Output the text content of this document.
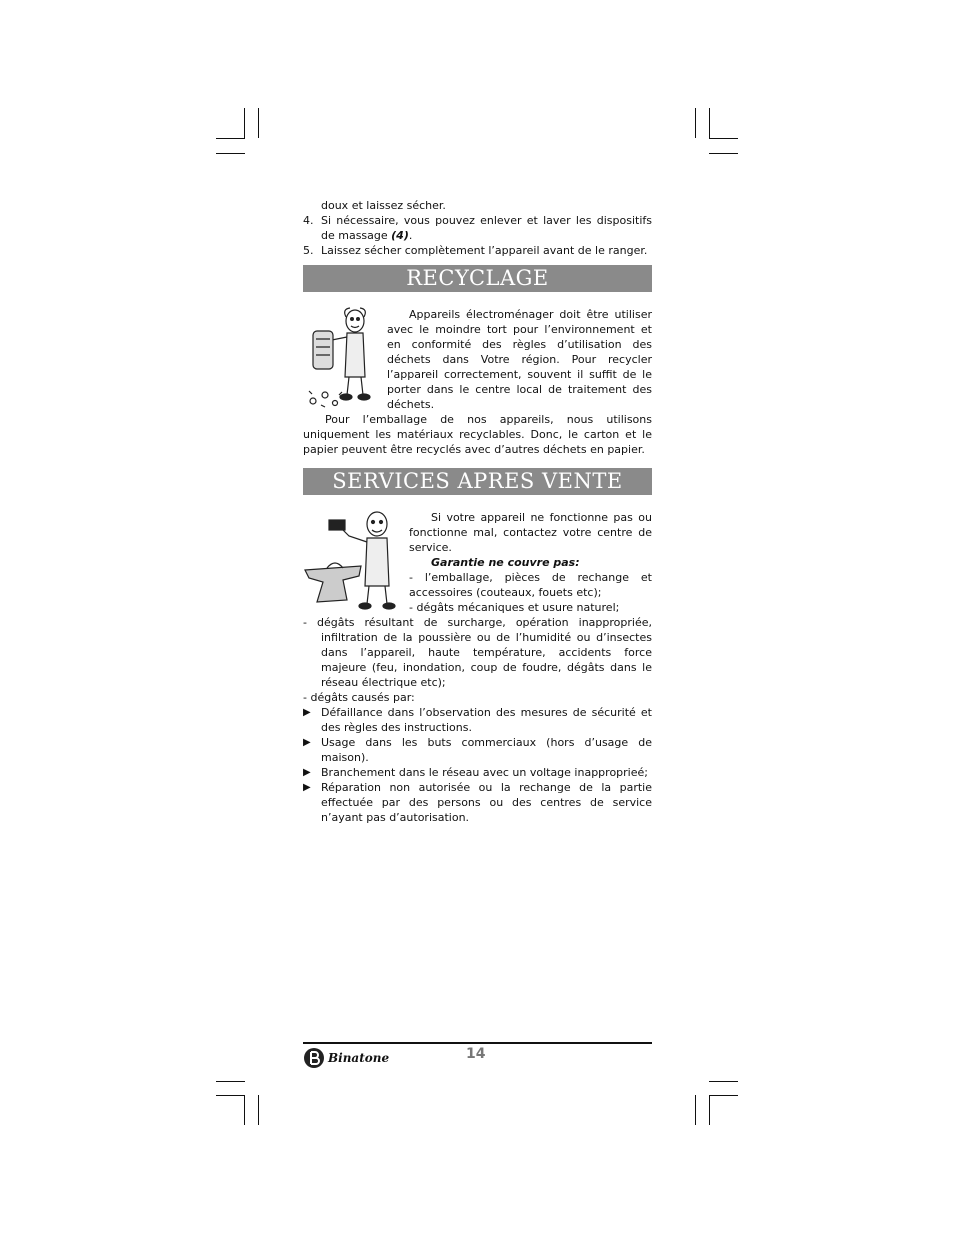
doux et laissez sécher.

4. Si nécessaire, vous pouvez enlever et laver les dispositifs de massage (4).
5. Laissez sécher complètement l’appareil avant de le ranger.
RECYCLAGE

Appareils électroménager doit être utiliser avec le moindre tort pour l’environnement et en conformité des règles d’utilisation des déchets dans Votre région. Pour recycler l’appareil correctement, souvent il suffit de le porter dans le centre local de traitement des déchets.

Pour l’emballage de nos appareils, nous utilisons uniquement les matériaux recyclables. Donc, le carton et le papier peuvent être recyclés avec d’autres déchets en papier.

SERVICES APRES VENTE

Si votre appareil ne fonctionne pas ou fonctionne mal, contactez votre centre de service.

Garantie ne couvre pas:

- l’emballage, pièces de rechange et accessoires (couteaux, fouets etc);

- dégâts mécaniques et usure naturel;

- dégâts résultant de surcharge, opération inappropriée, infiltration de la poussière ou de l’humidité ou d’insectes dans l’appareil, haute température, accidents force majeure (feu, inondation, coup de foudre, dégâts dans le réseau électrique etc);

- dégâts causés par:

▶ Défaillance dans l’observation des mesures de sécurité et des règles des instructions.
▶ Usage dans les buts commerciaux (hors d’usage de maison).
▶ Branchement dans le réseau avec un voltage inapproprieé;
▶ Réparation non autorisée ou la rechange de la partie effectuée par des persons ou des centres de service n’ayant pas d’autorisation.
Binatone	14
